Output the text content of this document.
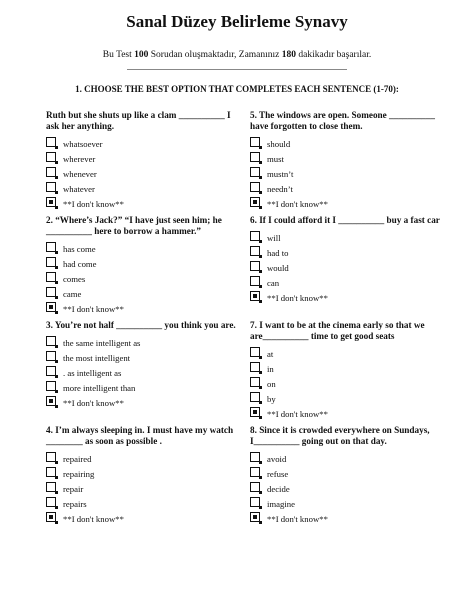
Sanal Düzey Belirleme Synavy
Bu Test 100 Sorudan oluşmaktadır, Zamanınız 180 dakikadır başarılar.
1. CHOOSE THE BEST OPTION THAT COMPLETES EACH SENTENCE (1-70):
Ruth but she shuts up like a clam __________ I ask her anything.
whatsoever
wherever
whenever
whatever
**I don't know**
2. “Where’s Jack?” “I have just seen him; he __________ here to borrow a hammer.”
has come
had come
comes
came
**I don't know**
3. You’re not half __________ you think you are.
the same intelligent as
the most intelligent
. as intelligent as
more intelligent than
**I don't know**
4. I’m always sleeping in. I must have my watch ________ as soon as possible .
repaired
repairing
repair
repairs
**I don't know**
5. The windows are open. Someone __________ have forgotten to close them.
should
must
mustn’t
needn’t
**I don't know**
6. If I could afford it I __________ buy a fast car
will
had to
would
can
**I don't know**
7. I want to be at the cinema early so that we are__________ time to get good seats
at
in
on
by
**I don't know**
8. Since it is crowded everywhere on Sundays, I__________ going out on that day.
avoid
refuse
decide
imagine
**I don't know**
